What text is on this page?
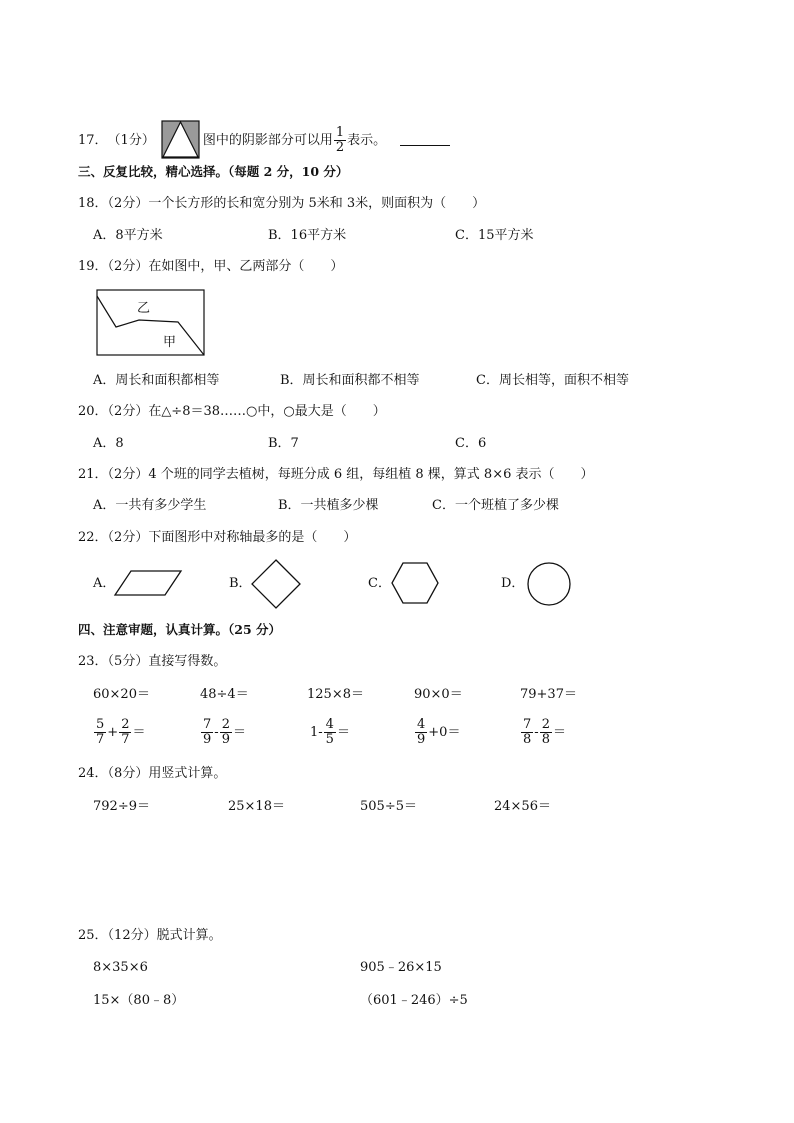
17． （1分）	图中的阴影部分可以用 $\frac{1}{2}$ 表示。
三、反复比较，精心选择。（每题 2 分，10 分）
18．（2分）一个长方形的长和宽分别为 5米和 3米，则面积为（　　）
A．8平方米	B．16平方米	C．15平方米
19．（2分）在如图中，甲、乙两部分（　　）
乙
甲
A．周长和面积都相等	B．周长和面积都不相等	C．周长相等，面积不相等
20．（2分）在△÷8＝38……○中，○最大是（　　）
A．8	B．7	C．6
21．（2分）4 个班的同学去植树，每班分成 6 组，每组植 8 棵，算式 8×6 表示（　　）
A．一共有多少学生	B．一共植多少棵	C．一个班植了多少棵
22．（2分）下面图形中对称轴最多的是（　　）
A．	B．	C．	D．
四、注意审题，认真计算。（25 分）
23．（5分）直接写得数。
60×20＝	48÷4＝	125×8＝	90×0＝	79+37＝
$\frac{5}{7} + \frac{2}{7}$ ＝	$\frac{7}{9} - \frac{2}{9}$ ＝	$1- \frac{4}{5}$ ＝	$\frac{4}{9} +0=$	$\frac{7}{8} - \frac{2}{8}$ ＝
24．（8分）用竖式计算。
792÷9＝	25×18＝	505÷5＝	24×56＝
25．（12分）脱式计算。
8×35×6	905﹣26×15
15×（80﹣8）	（601﹣246）÷5
